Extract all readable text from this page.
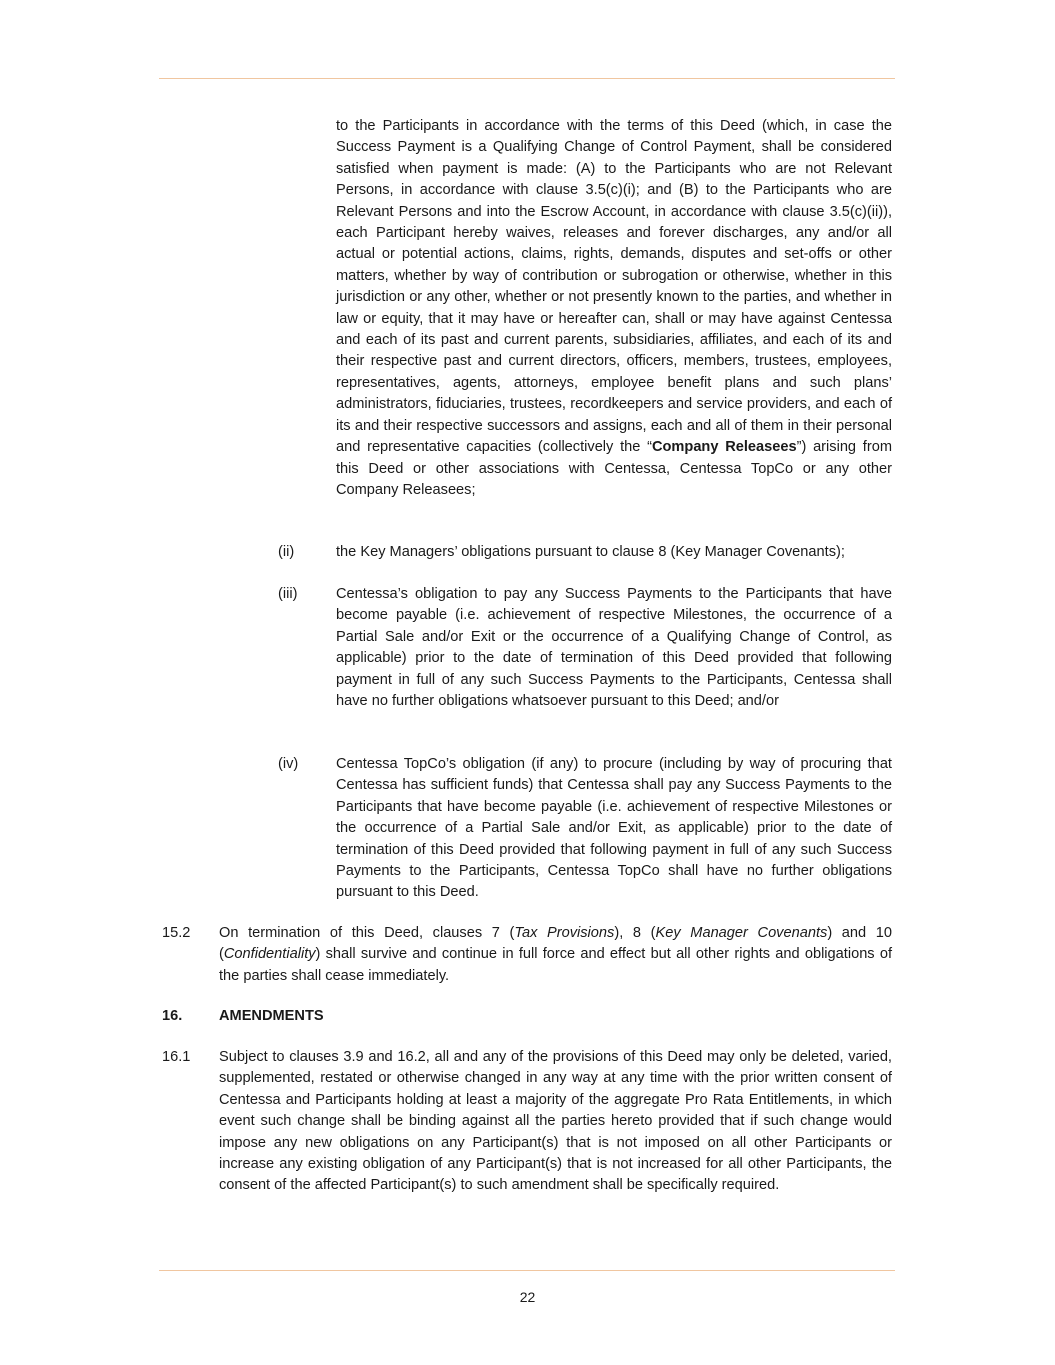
to the Participants in accordance with the terms of this Deed (which, in case the Success Payment is a Qualifying Change of Control Payment, shall be considered satisfied when payment is made: (A) to the Participants who are not Relevant Persons, in accordance with clause 3.5(c)(i); and (B) to the Participants who are Relevant Persons and into the Escrow Account, in accordance with clause 3.5(c)(ii)), each Participant hereby waives, releases and forever discharges, any and/or all actual or potential actions, claims, rights, demands, disputes and set-offs or other matters, whether by way of contribution or subrogation or otherwise, whether in this jurisdiction or any other, whether or not presently known to the parties, and whether in law or equity, that it may have or hereafter can, shall or may have against Centessa and each of its past and current parents, subsidiaries, affiliates, and each of its and their respective past and current directors, officers, members, trustees, employees, representatives, agents, attorneys, employee benefit plans and such plans’ administrators, fiduciaries, trustees, recordkeepers and service providers, and each of its and their respective successors and assigns, each and all of them in their personal and representative capacities (collectively the “Company Releasees”) arising from this Deed or other associations with Centessa, Centessa TopCo or any other Company Releasees;
(ii)	the Key Managers’ obligations pursuant to clause 8 (Key Manager Covenants);
(iii)	Centessa’s obligation to pay any Success Payments to the Participants that have become payable (i.e. achievement of respective Milestones, the occurrence of a Partial Sale and/or Exit or the occurrence of a Qualifying Change of Control, as applicable) prior to the date of termination of this Deed provided that following payment in full of any such Success Payments to the Participants, Centessa shall have no further obligations whatsoever pursuant to this Deed; and/or
(iv)	Centessa TopCo’s obligation (if any) to procure (including by way of procuring that Centessa has sufficient funds) that Centessa shall pay any Success Payments to the Participants that have become payable (i.e. achievement of respective Milestones or the occurrence of a Partial Sale and/or Exit, as applicable) prior to the date of termination of this Deed provided that following payment in full of any such Success Payments to the Participants, Centessa TopCo shall have no further obligations pursuant to this Deed.
15.2 On termination of this Deed, clauses 7 (Tax Provisions), 8 (Key Manager Covenants) and 10 (Confidentiality) shall survive and continue in full force and effect but all other rights and obligations of the parties shall cease immediately.
16.	AMENDMENTS
16.1 Subject to clauses 3.9 and 16.2, all and any of the provisions of this Deed may only be deleted, varied, supplemented, restated or otherwise changed in any way at any time with the prior written consent of Centessa and Participants holding at least a majority of the aggregate Pro Rata Entitlements, in which event such change shall be binding against all the parties hereto provided that if such change would impose any new obligations on any Participant(s) that is not imposed on all other Participants or increase any existing obligation of any Participant(s) that is not increased for all other Participants, the consent of the affected Participant(s) to such amendment shall be specifically required.
22
